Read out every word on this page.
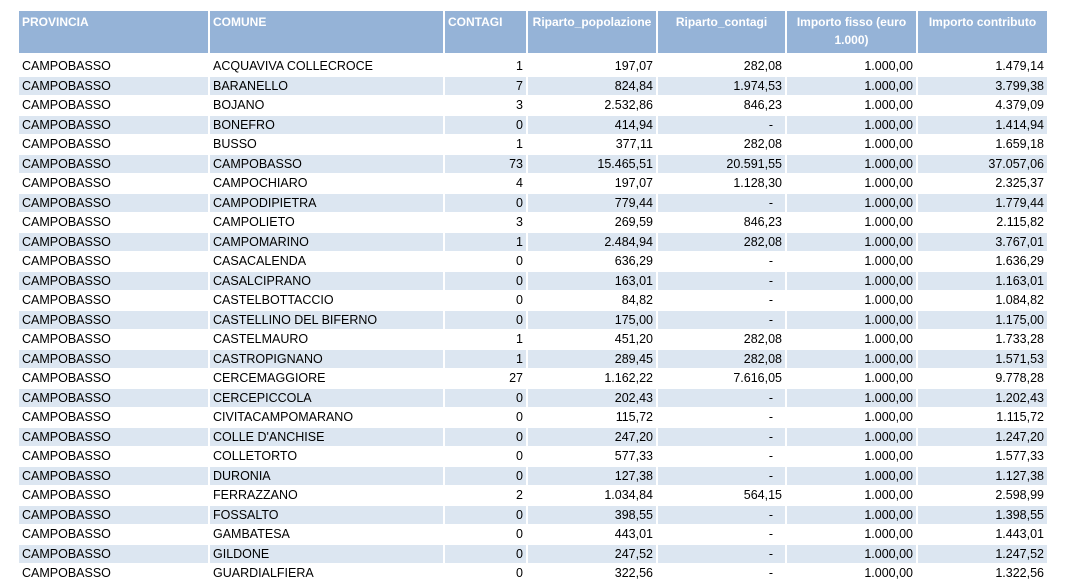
PROVINCIA	COMUNE	CONTAGI	Riparto_popolazione	Riparto_contagi	Importo fisso (euro 1.000)	Importo contributo

CAMPOBASSO	ACQUAVIVA COLLECROCE	1	197,07	282,08	1.000,00	1.479,14
CAMPOBASSO	BARANELLO	7	824,84	1.974,53	1.000,00	3.799,38
CAMPOBASSO	BOJANO	3	2.532,86	846,23	1.000,00	4.379,09
CAMPOBASSO	BONEFRO	0	414,94	-	1.000,00	1.414,94
CAMPOBASSO	BUSSO	1	377,11	282,08	1.000,00	1.659,18
CAMPOBASSO	CAMPOBASSO	73	15.465,51	20.591,55	1.000,00	37.057,06
CAMPOBASSO	CAMPOCHIARO	4	197,07	1.128,30	1.000,00	2.325,37
CAMPOBASSO	CAMPODIPIETRA	0	779,44	-	1.000,00	1.779,44
CAMPOBASSO	CAMPOLIETO	3	269,59	846,23	1.000,00	2.115,82
CAMPOBASSO	CAMPOMARINO	1	2.484,94	282,08	1.000,00	3.767,01
CAMPOBASSO	CASACALENDA	0	636,29	-	1.000,00	1.636,29
CAMPOBASSO	CASALCIPRANO	0	163,01	-	1.000,00	1.163,01
CAMPOBASSO	CASTELBOTTACCIO	0	84,82	-	1.000,00	1.084,82
CAMPOBASSO	CASTELLINO DEL BIFERNO	0	175,00	-	1.000,00	1.175,00
CAMPOBASSO	CASTELMAURO	1	451,20	282,08	1.000,00	1.733,28
CAMPOBASSO	CASTROPIGNANO	1	289,45	282,08	1.000,00	1.571,53
CAMPOBASSO	CERCEMAGGIORE	27	1.162,22	7.616,05	1.000,00	9.778,28
CAMPOBASSO	CERCEPICCOLA	0	202,43	-	1.000,00	1.202,43
CAMPOBASSO	CIVITACAMPOMARANO	0	115,72	-	1.000,00	1.115,72
CAMPOBASSO	COLLE D'ANCHISE	0	247,20	-	1.000,00	1.247,20
CAMPOBASSO	COLLETORTO	0	577,33	-	1.000,00	1.577,33
CAMPOBASSO	DURONIA	0	127,38	-	1.000,00	1.127,38
CAMPOBASSO	FERRAZZANO	2	1.034,84	564,15	1.000,00	2.598,99
CAMPOBASSO	FOSSALTO	0	398,55	-	1.000,00	1.398,55
CAMPOBASSO	GAMBATESA	0	443,01	-	1.000,00	1.443,01
CAMPOBASSO	GILDONE	0	247,52	-	1.000,00	1.247,52
CAMPOBASSO	GUARDIALFIERA	0	322,56	-	1.000,00	1.322,56
